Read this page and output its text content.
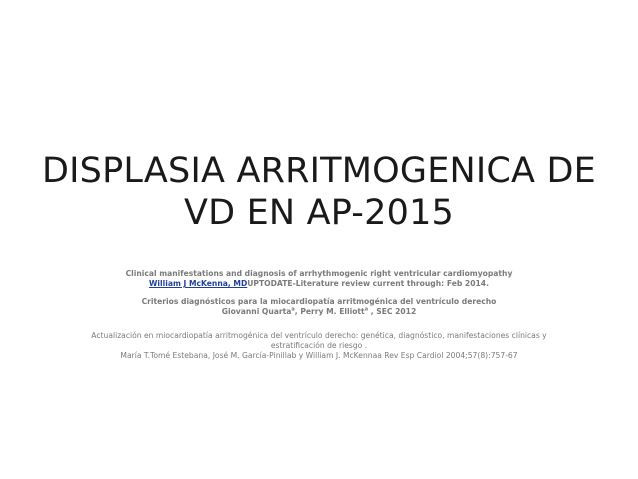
DISPLASIA ARRITMOGENICA DE
VD EN AP-2015

Clinical manifestations and diagnosis of arrhythmogenic right ventricular cardiomyopathy

William J McKenna, MDUPTODATE-Literature review current through: Feb 2014.

Criterios diagnósticos para la miocardiopatía arritmogénica del ventrículo derecho

Giovanni Quarta$^a$, Perry M. Elliott$^a$ , SEC 2012

Actualización en miocardiopatía arritmogénica del ventrículo derecho: genética, diagnóstico, manifestaciones clínicas y estratificación de riesgo .

María T.Tomé Estebana, José M. García-Pinillab y William J. McKennaa Rev Esp Cardiol 2004;57(8):757-67
